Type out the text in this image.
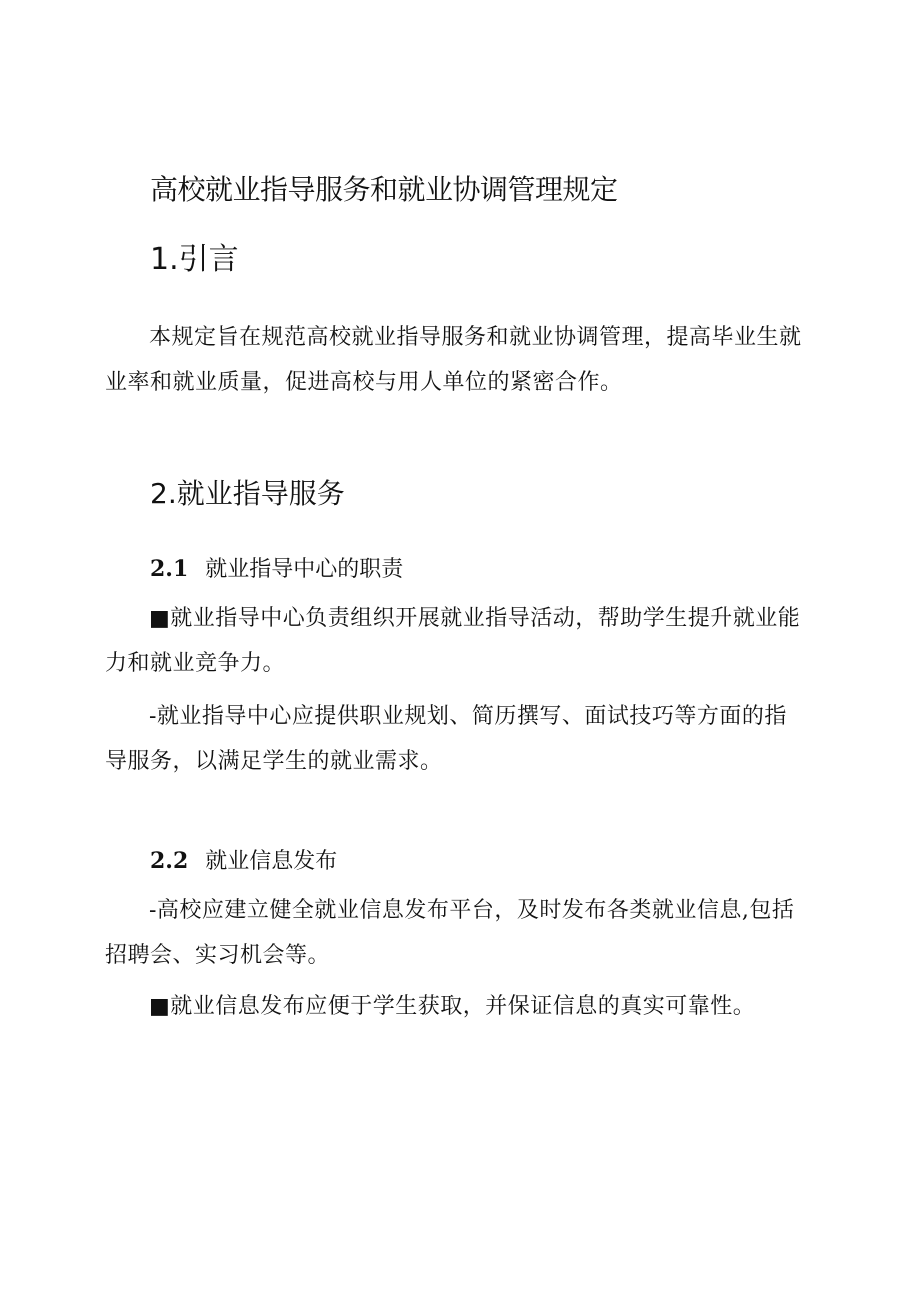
高校就业指导服务和就业协调管理规定
1.引言
本规定旨在规范高校就业指导服务和就业协调管理，提高毕业生就业率和就业质量，促进高校与用人单位的紧密合作。
2.就业指导服务
2.1 就业指导中心的职责
■就业指导中心负责组织开展就业指导活动，帮助学生提升就业能力和就业竞争力。
-就业指导中心应提供职业规划、简历撰写、面试技巧等方面的指导服务，以满足学生的就业需求。
2.2 就业信息发布
-高校应建立健全就业信息发布平台，及时发布各类就业信息,包括招聘会、实习机会等。
■就业信息发布应便于学生获取，并保证信息的真实可靠性。
